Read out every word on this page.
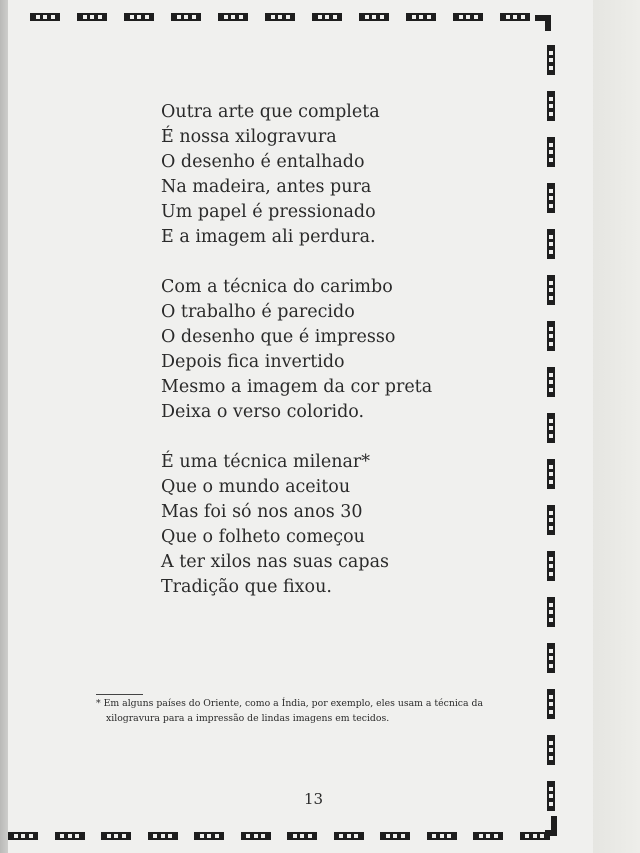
Outra arte que completa
É nossa xilogravura
O desenho é entalhado
Na madeira, antes pura
Um papel é pressionado
E a imagem ali perdura.
Com a técnica do carimbo
O trabalho é parecido
O desenho que é impresso
Depois fica invertido
Mesmo a imagem da cor preta
Deixa o verso colorido.
É uma técnica milenar*
Que o mundo aceitou
Mas foi só nos anos 30
Que o folheto começou
A ter xilos nas suas capas
Tradição que fixou.
* Em alguns países do Oriente, como a Índia, por exemplo, eles usam a técnica da
xilogravura para a impressão de lindas imagens em tecidos.
13
